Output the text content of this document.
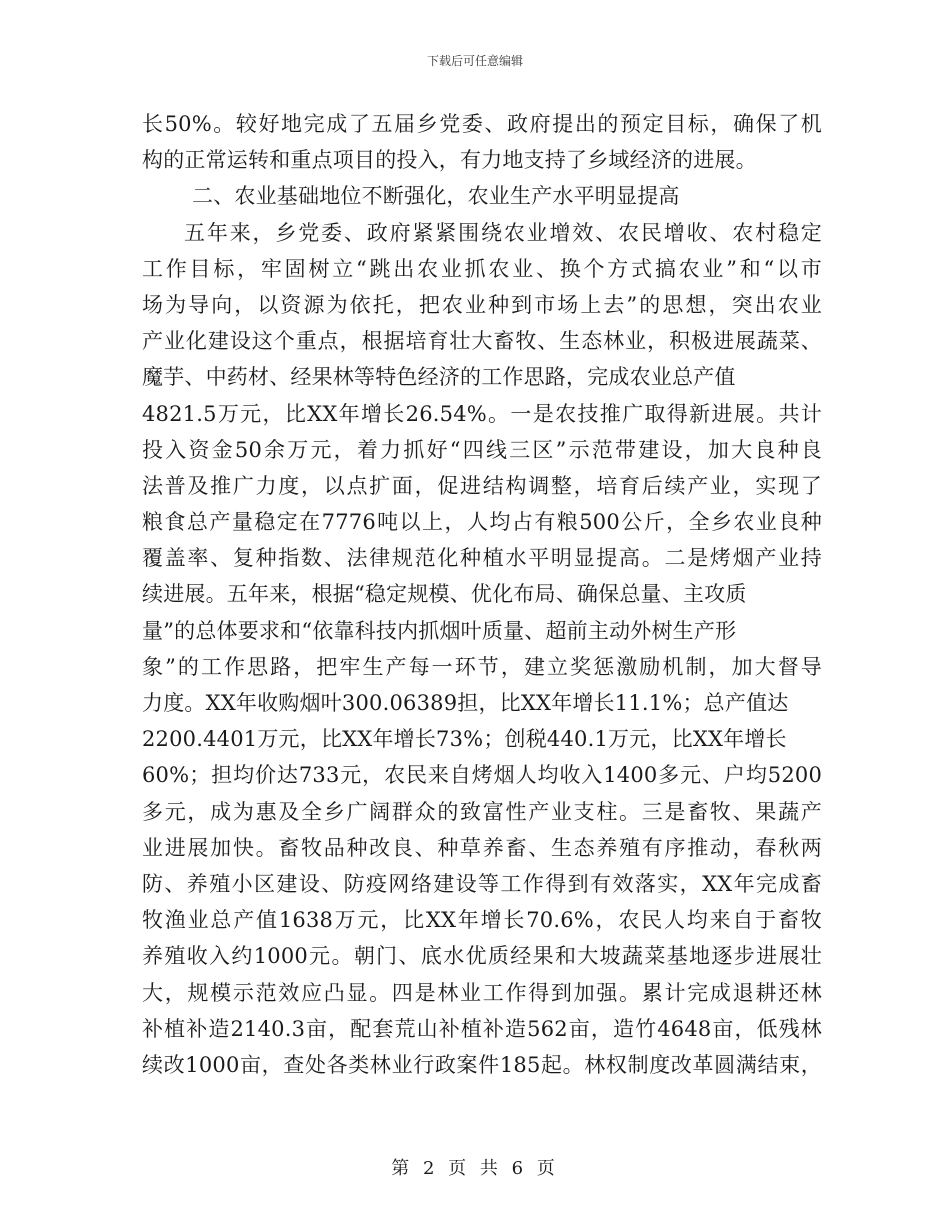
下载后可任意编辑
长50%。较好地完成了五届乡党委、政府提出的预定目标，确保了机
构的正常运转和重点项目的投入，有力地支持了乡域经济的进展。
二、农业基础地位不断强化，农业生产水平明显提高
五年来，乡党委、政府紧紧围绕农业增效、农民增收、农村稳定
工作目标，牢固树立“跳出农业抓农业、换个方式搞农业”和“以市
场为导向，以资源为依托，把农业种到市场上去”的思想，突出农业
产业化建设这个重点，根据培育壮大畜牧、生态林业，积极进展蔬菜、
魔芋、中药材、经果林等特色经济的工作思路，完成农业总产值
4821.5万元，比XX年增长26.54%。一是农技推广取得新进展。共计
投入资金50余万元，着力抓好“四线三区”示范带建设，加大良种良
法普及推广力度，以点扩面，促进结构调整，培育后续产业，实现了
粮食总产量稳定在7776吨以上，人均占有粮500公斤，全乡农业良种
覆盖率、复种指数、法律规范化种植水平明显提高。二是烤烟产业持
续进展。五年来，根据“稳定规模、优化布局、确保总量、主攻质
量”的总体要求和“依靠科技内抓烟叶质量、超前主动外树生产形
象”的工作思路，把牢生产每一环节，建立奖惩激励机制，加大督导
力度。XX年收购烟叶300.06389担，比XX年增长11.1%；总产值达
2200.4401万元，比XX年增长73%；创税440.1万元，比XX年增长
60%；担均价达733元，农民来自烤烟人均收入1400多元、户均5200
多元，成为惠及全乡广阔群众的致富性产业支柱。三是畜牧、果蔬产
业进展加快。畜牧品种改良、种草养畜、生态养殖有序推动，春秋两
防、养殖小区建设、防疫网络建设等工作得到有效落实，XX年完成畜
牧渔业总产值1638万元，比XX年增长70.6%，农民人均来自于畜牧
养殖收入约1000元。朝门、底水优质经果和大坡蔬菜基地逐步进展壮
大，规模示范效应凸显。四是林业工作得到加强。累计完成退耕还林
补植补造2140.3亩，配套荒山补植补造562亩，造竹4648亩，低残林
续改1000亩，查处各类林业行政案件185起。林权制度改革圆满结束，
第 2 页 共 6 页
